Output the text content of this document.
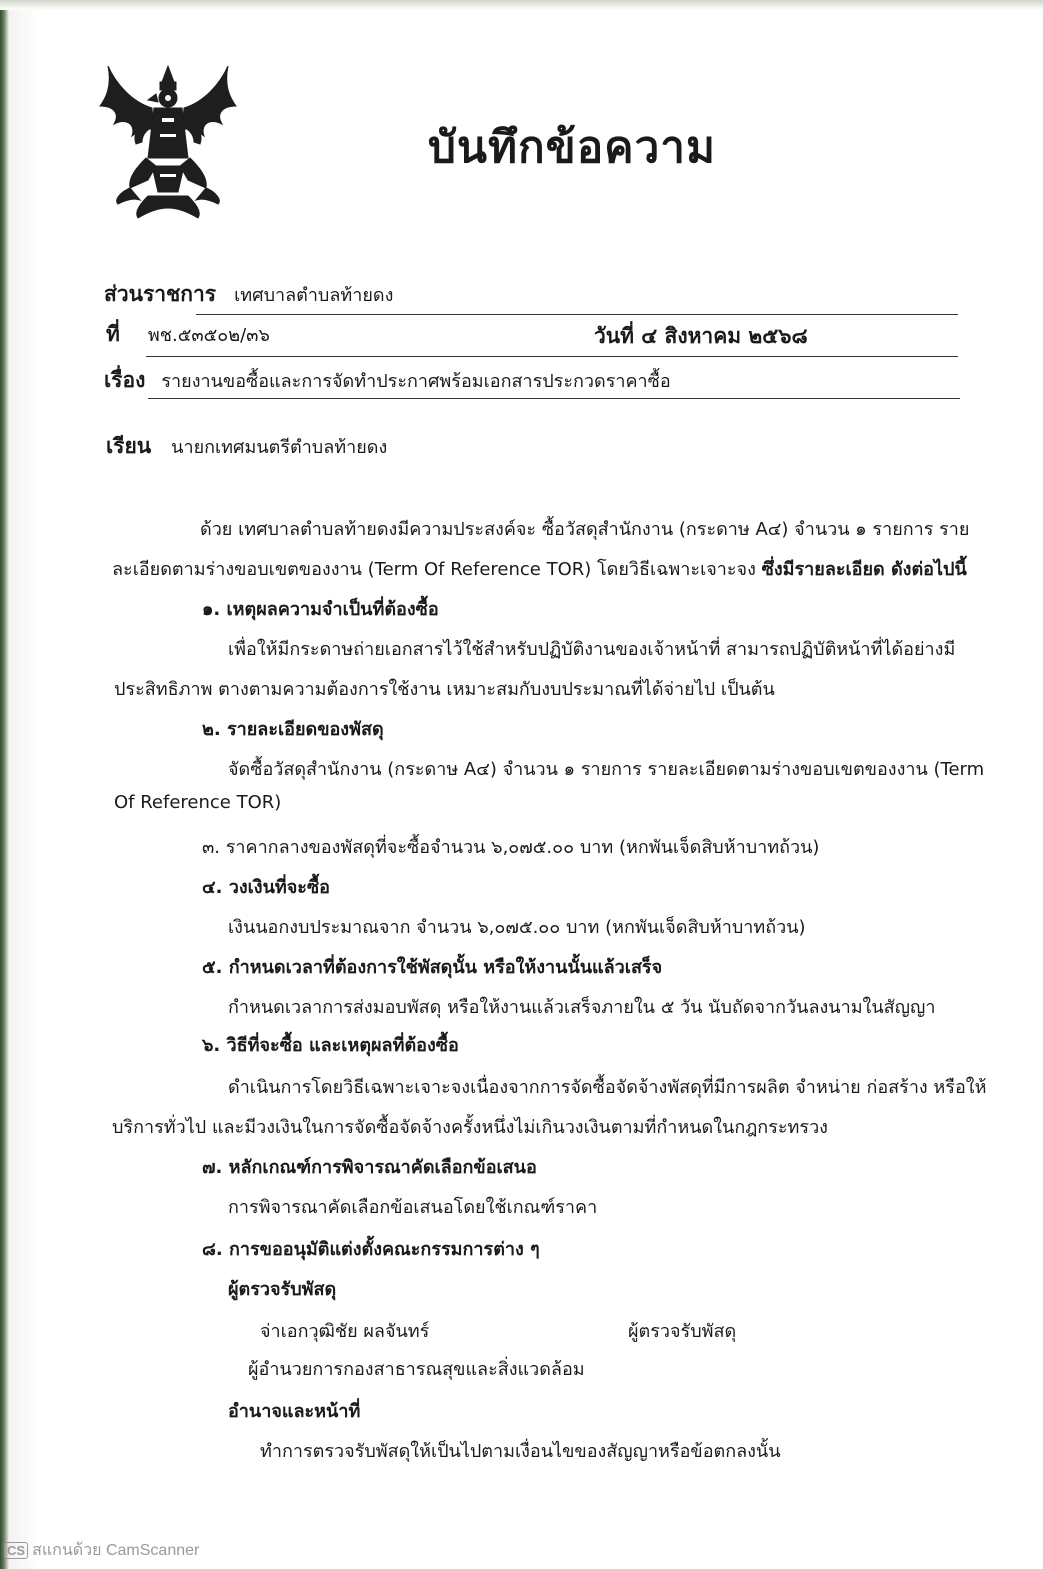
บันทึกข้อความ
ส่วนราชการ เทศบาลตำบลท้ายดง
ที่ พช.๕๓๕๐๒/๓๖	วันที่ ๔ สิงหาคม ๒๕๖๘
เรื่อง รายงานขอซื้อและการจัดทำประกาศพร้อมเอกสารประกวดราคาซื้อ
เรียน นายกเทศมนตรีตำบลท้ายดง
ด้วย เทศบาลตำบลท้ายดงมีความประสงค์จะ ซื้อวัสดุสำนักงาน (กระดาษ A๔) จำนวน ๑ รายการ ราย
ละเอียดตามร่างขอบเขตของงาน (Term Of Reference TOR) โดยวิธีเฉพาะเจาะจง ซึ่งมีรายละเอียด ดังต่อไปนี้
๑. เหตุผลความจำเป็นที่ต้องซื้อ
เพื่อให้มีกระดาษถ่ายเอกสารไว้ใช้สำหรับปฏิบัติงานของเจ้าหน้าที่ สามารถปฏิบัติหน้าที่ได้อย่างมี
ประสิทธิภาพ ตางตามความต้องการใช้งาน เหมาะสมกับงบประมาณที่ได้จ่ายไป เป็นต้น
๒. รายละเอียดของพัสดุ
จัดซื้อวัสดุสำนักงาน (กระดาษ A๔) จำนวน ๑ รายการ รายละเอียดตามร่างขอบเขตของงาน (Term
Of Reference TOR)
๓. ราคากลางของพัสดุที่จะซื้อจำนวน ๖,๐๗๕.๐๐ บาท (หกพันเจ็ดสิบห้าบาทถ้วน)
๔. วงเงินที่จะซื้อ
เงินนอกงบประมาณจาก จำนวน ๖,๐๗๕.๐๐ บาท (หกพันเจ็ดสิบห้าบาทถ้วน)
๕. กำหนดเวลาที่ต้องการใช้พัสดุนั้น หรือให้งานนั้นแล้วเสร็จ
กำหนดเวลาการส่งมอบพัสดุ หรือให้งานแล้วเสร็จภายใน ๕ วัน นับถัดจากวันลงนามในสัญญา
๖. วิธีที่จะซื้อ และเหตุผลที่ต้องซื้อ
ดำเนินการโดยวิธีเฉพาะเจาะจงเนื่องจากการจัดซื้อจัดจ้างพัสดุที่มีการผลิต จำหน่าย ก่อสร้าง หรือให้
บริการทั่วไป และมีวงเงินในการจัดซื้อจัดจ้างครั้งหนึ่งไม่เกินวงเงินตามที่กำหนดในกฎกระทรวง
๗. หลักเกณฑ์การพิจารณาคัดเลือกข้อเสนอ
การพิจารณาคัดเลือกข้อเสนอโดยใช้เกณฑ์ราคา
๘. การขออนุมัติแต่งตั้งคณะกรรมการต่าง ๆ
ผู้ตรวจรับพัสดุ
จ่าเอกวุฒิชัย ผลจันทร์	ผู้ตรวจรับพัสดุ
ผู้อำนวยการกองสาธารณสุขและสิ่งแวดล้อม
อำนาจและหน้าที่
ทำการตรวจรับพัสดุให้เป็นไปตามเงื่อนไขของสัญญาหรือข้อตกลงนั้น
CS สแกนด้วย CamScanner
